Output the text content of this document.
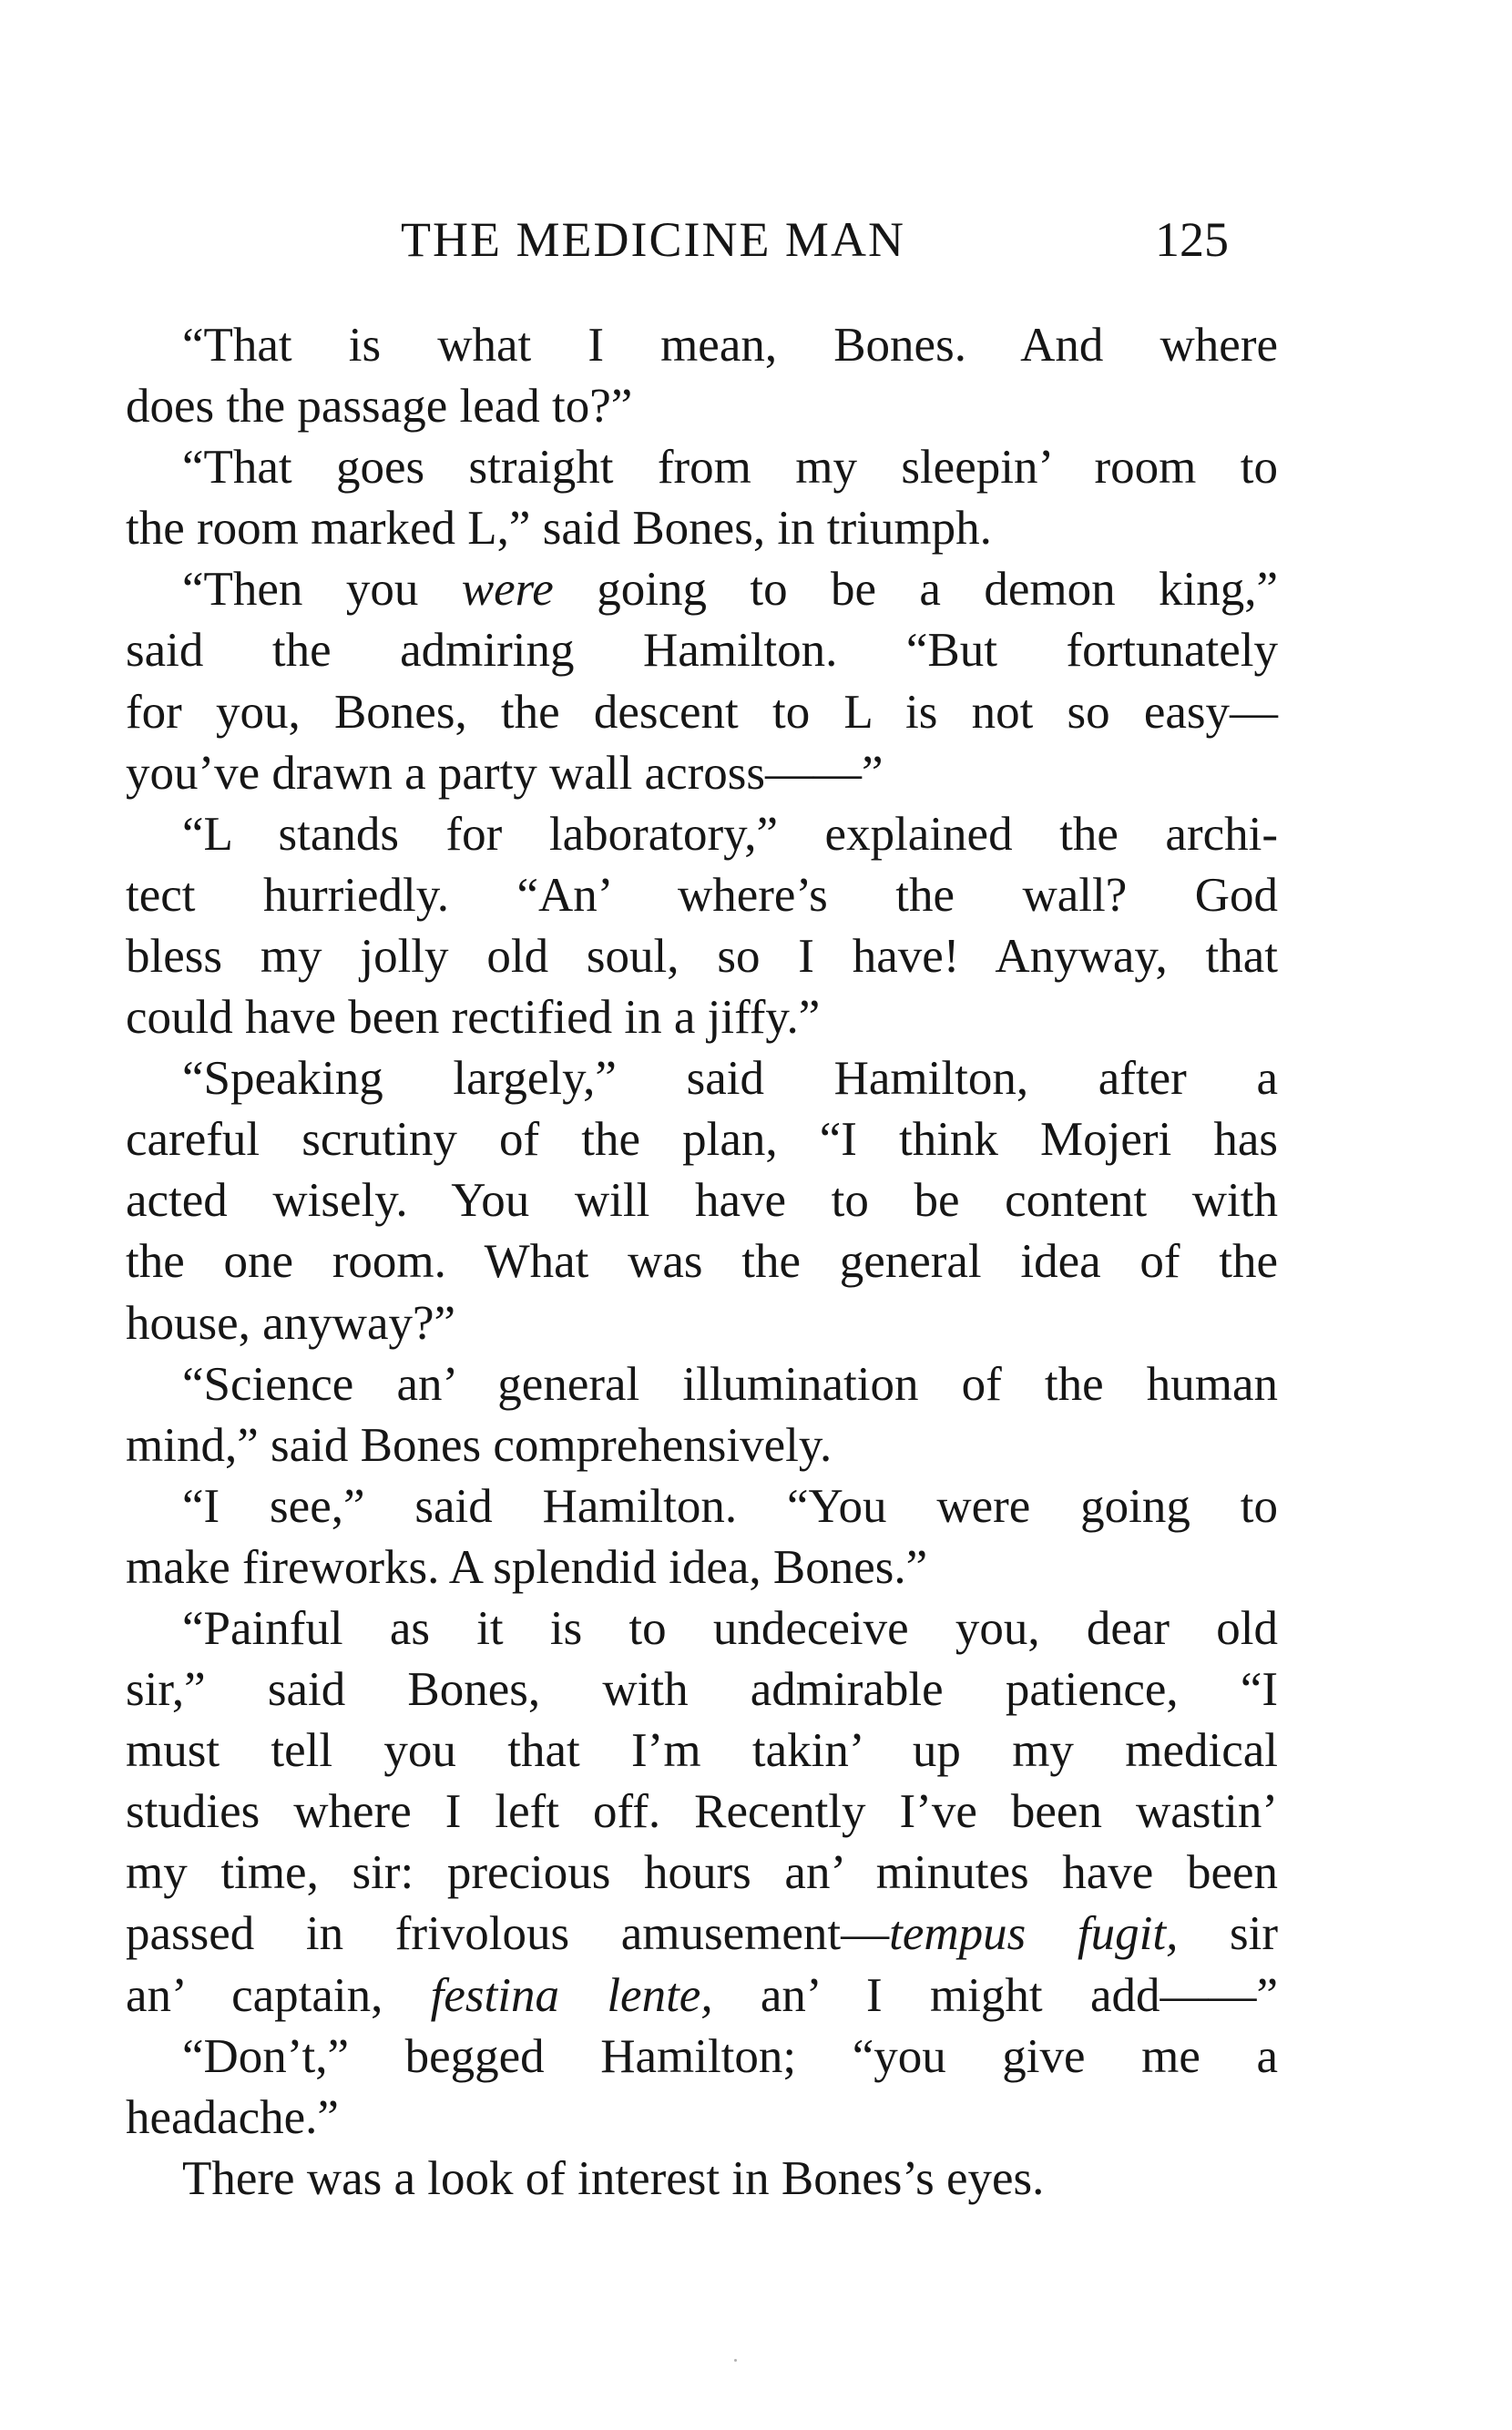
THE MEDICINE MAN	125
“That is what I mean, Bones. And where
does the passage lead to?”
“That goes straight from my sleepin’ room to
the room marked L,” said Bones, in triumph.
“Then you were going to be a demon king,”
said the admiring Hamilton. “But fortunately
for you, Bones, the descent to L is not so easy—
you’ve drawn a party wall across——”
“L stands for laboratory,” explained the archi-
tect hurriedly. “An’ where’s the wall? God
bless my jolly old soul, so I have! Anyway, that
could have been rectified in a jiffy.”
“Speaking largely,” said Hamilton, after a
careful scrutiny of the plan, “I think Mojeri has
acted wisely. You will have to be content with
the one room. What was the general idea of the
house, anyway?”
“Science an’ general illumination of the human
mind,” said Bones comprehensively.
“I see,” said Hamilton. “You were going to
make fireworks. A splendid idea, Bones.”
“Painful as it is to undeceive you, dear old
sir,” said Bones, with admirable patience, “I
must tell you that I’m takin’ up my medical
studies where I left off. Recently I’ve been wastin’
my time, sir: precious hours an’ minutes have been
passed in frivolous amusement—tempus fugit, sir
an’ captain, festina lente, an’ I might add——”
“Don’t,” begged Hamilton; “you give me a
headache.”
There was a look of interest in Bones’s eyes.
